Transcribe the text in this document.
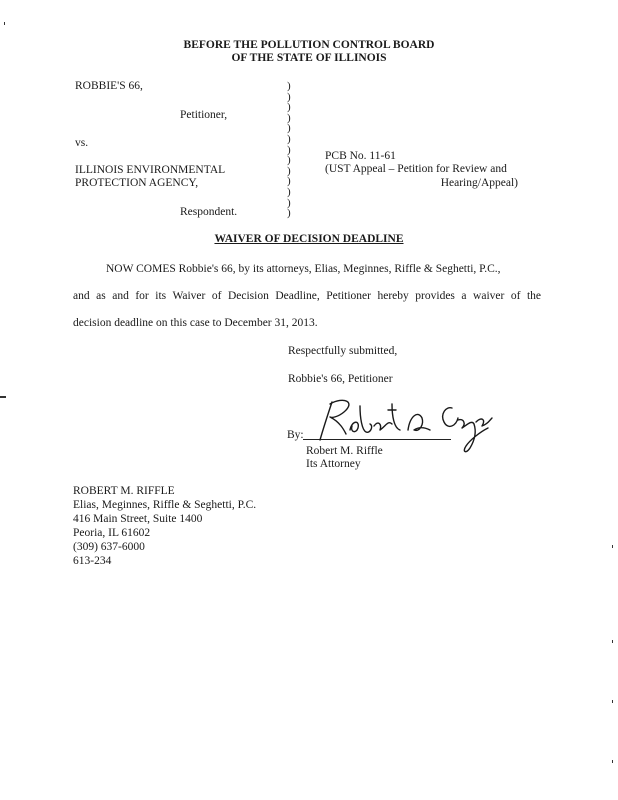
BEFORE THE POLLUTION CONTROL BOARD
OF THE STATE OF ILLINOIS
ROBBIE'S 66,
Petitioner,
vs.
ILLINOIS ENVIRONMENTAL
PROTECTION AGENCY,
Respondent.
)
)
)
)
)
)
)
)
)
)
)
)
)
PCB No. 11-61
(UST Appeal – Petition for Review and
Hearing/Appeal)
WAIVER OF DECISION DEADLINE
NOW COMES Robbie's 66, by its attorneys, Elias, Meginnes, Riffle & Seghetti, P.C.,
and as and for its Waiver of Decision Deadline, Petitioner hereby provides a waiver of the
decision deadline on this case to December 31, 2013.
Respectfully submitted,
Robbie's 66, Petitioner
By:
Robert M. Riffle
Its Attorney
ROBERT M. RIFFLE
Elias, Meginnes, Riffle & Seghetti, P.C.
416 Main Street, Suite 1400
Peoria, IL 61602
(309) 637-6000
613-234
